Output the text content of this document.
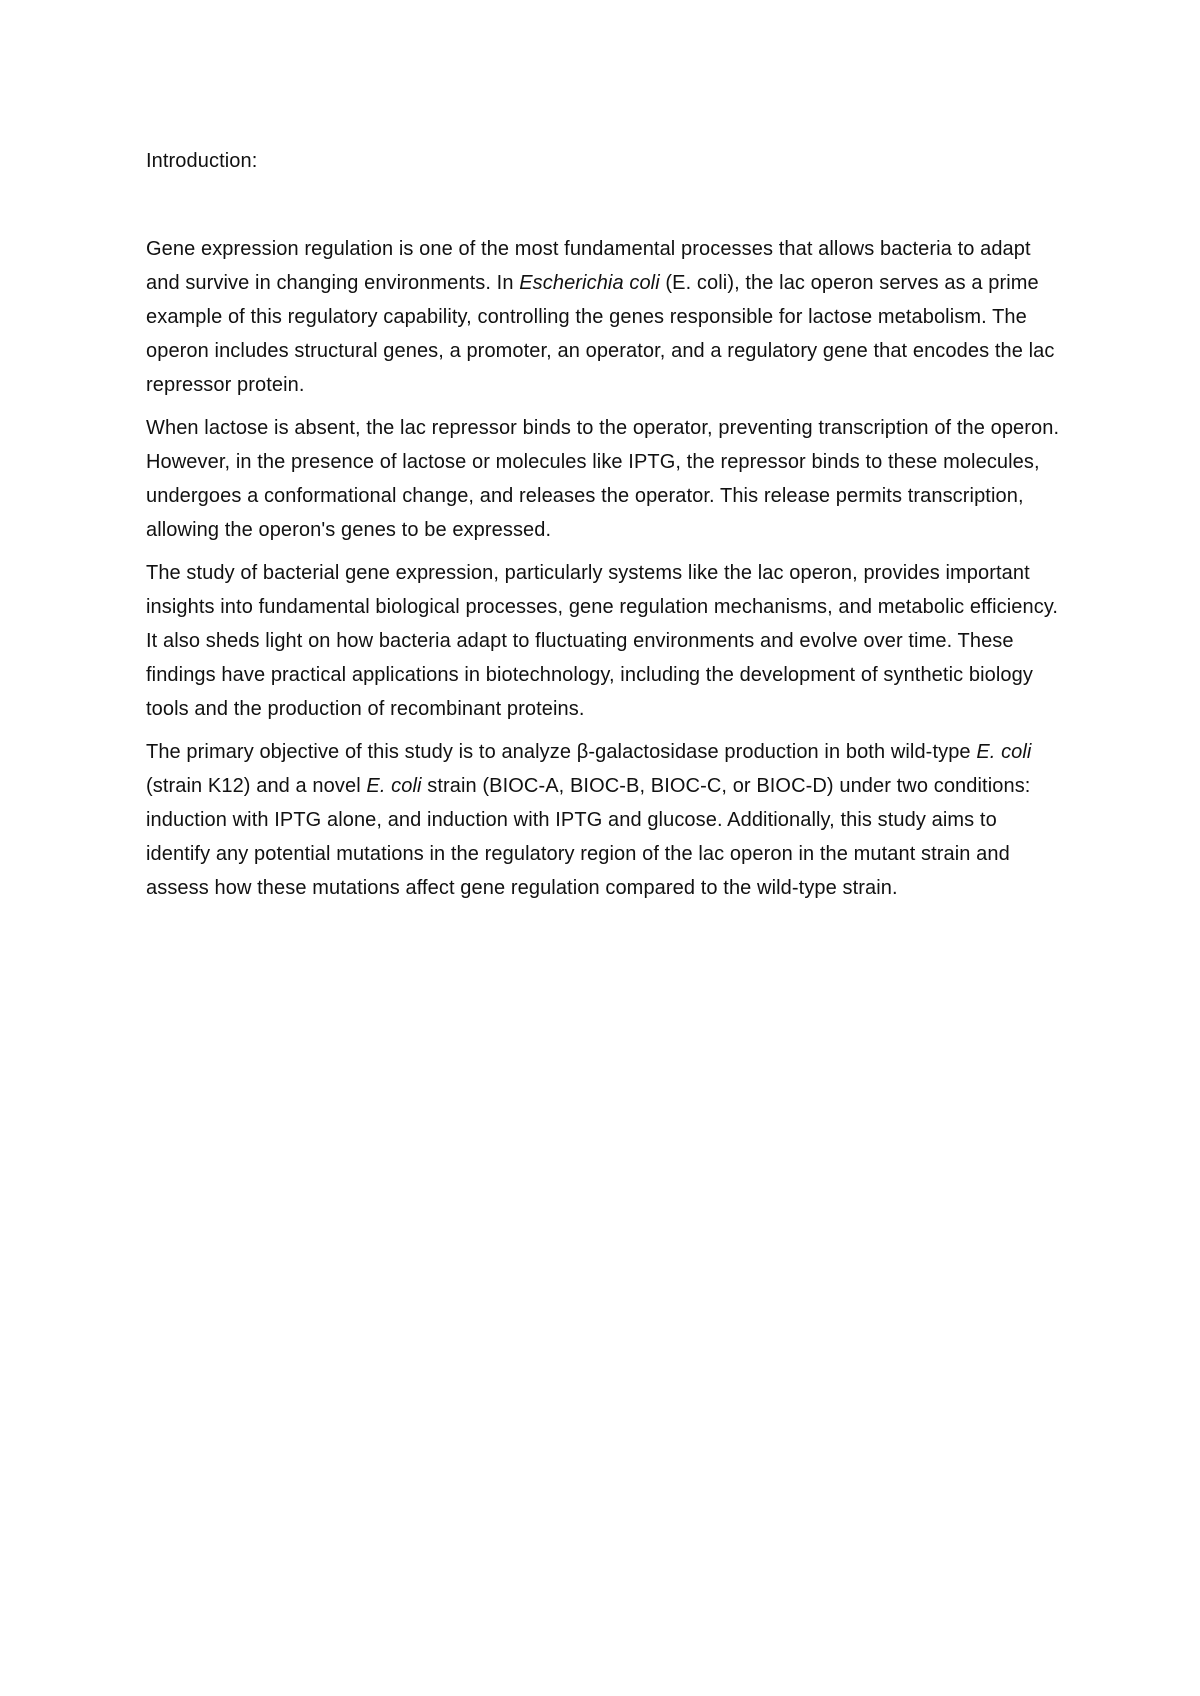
Introduction:

Gene expression regulation is one of the most fundamental processes that allows bacteria to adapt and survive in changing environments. In Escherichia coli (E. coli), the lac operon serves as a prime example of this regulatory capability, controlling the genes responsible for lactose metabolism. The operon includes structural genes, a promoter, an operator, and a regulatory gene that encodes the lac repressor protein.

When lactose is absent, the lac repressor binds to the operator, preventing transcription of the operon. However, in the presence of lactose or molecules like IPTG, the repressor binds to these molecules, undergoes a conformational change, and releases the operator. This release permits transcription, allowing the operon's genes to be expressed.

The study of bacterial gene expression, particularly systems like the lac operon, provides important insights into fundamental biological processes, gene regulation mechanisms, and metabolic efficiency. It also sheds light on how bacteria adapt to fluctuating environments and evolve over time. These findings have practical applications in biotechnology, including the development of synthetic biology tools and the production of recombinant proteins.

The primary objective of this study is to analyze β-galactosidase production in both wild-type E. coli (strain K12) and a novel E. coli strain (BIOC-A, BIOC-B, BIOC-C, or BIOC-D) under two conditions: induction with IPTG alone, and induction with IPTG and glucose. Additionally, this study aims to identify any potential mutations in the regulatory region of the lac operon in the mutant strain and assess how these mutations affect gene regulation compared to the wild-type strain.
